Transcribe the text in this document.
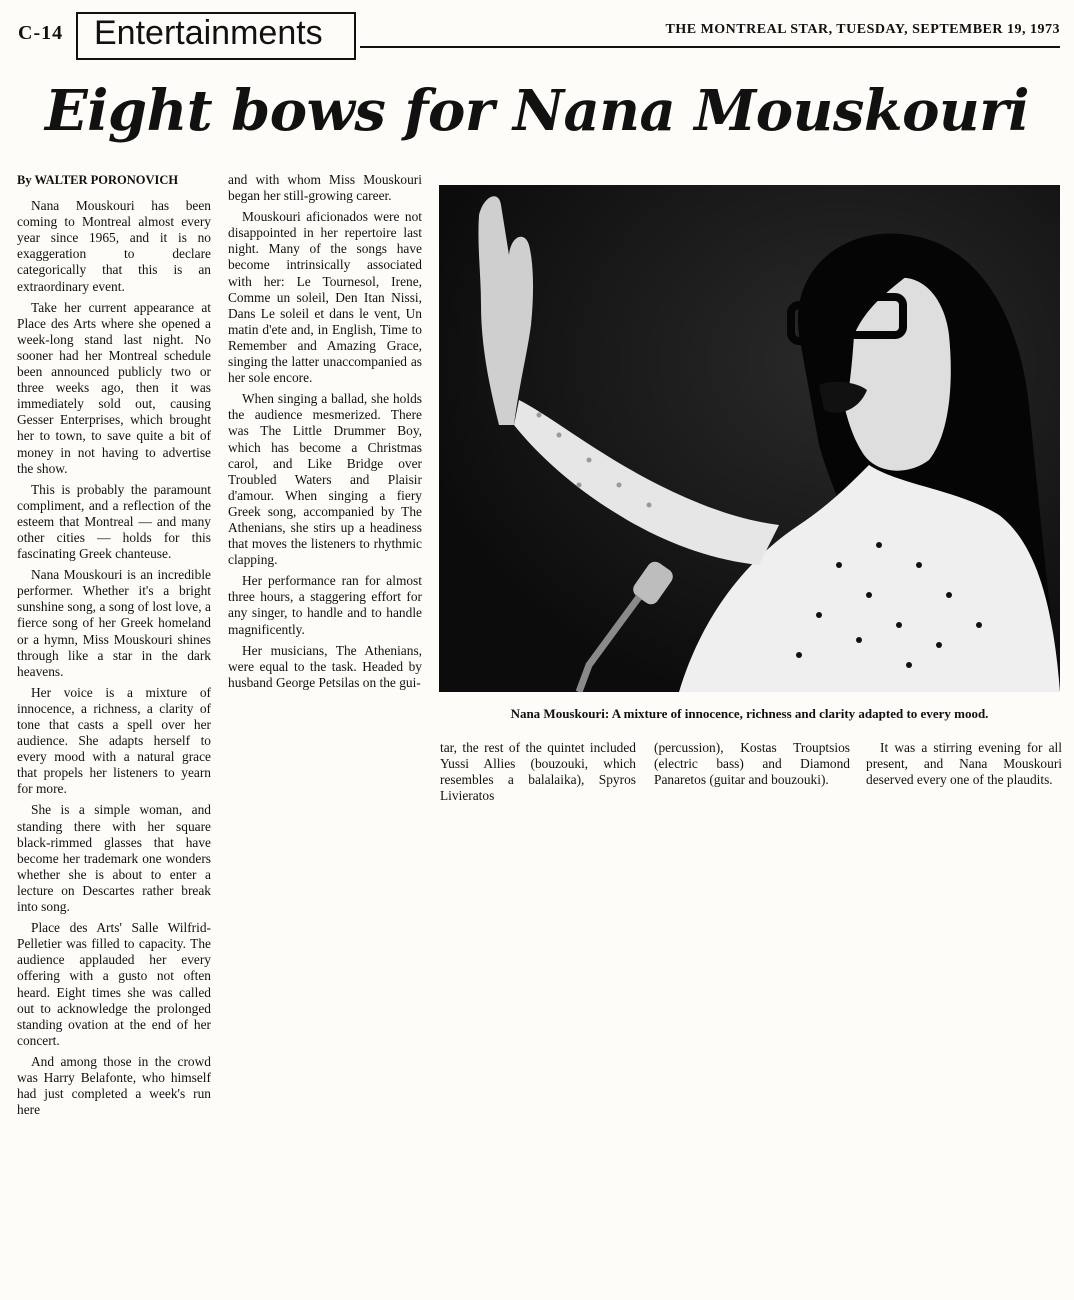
C-14 Entertainments	THE MONTREAL STAR, TUESDAY, SEPTEMBER 19, 1973
Eight bows for Nana Mouskouri

By WALTER PORONOVICH

Nana Mouskouri has been coming to Montreal almost every year since 1965, and it is no exaggeration to declare categorically that this is an extraordinary event.

Take her current appearance at Place des Arts where she opened a week-long stand last night. No sooner had her Montreal schedule been announced publicly two or three weeks ago, then it was immediately sold out, causing Gesser Enterprises, which brought her to town, to save quite a bit of money in not having to advertise the show.

This is probably the paramount compliment, and a reflection of the esteem that Montreal — and many other cities — holds for this fascinating Greek chanteuse.

Nana Mouskouri is an incredible performer. Whether it's a bright sunshine song, a song of lost love, a fierce song of her Greek homeland or a hymn, Miss Mouskouri shines through like a star in the dark heavens.

Her voice is a mixture of innocence, a richness, a clarity of tone that casts a spell over her audience. She adapts herself to every mood with a natural grace that propels her listeners to yearn for more.

She is a simple woman, and standing there with her square black-rimmed glasses that have become her trademark one wonders whether she is about to enter a lecture on Descartes rather break into song.

Place des Arts' Salle Wilfrid-Pelletier was filled to capacity. The audience applauded her every offering with a gusto not often heard. Eight times she was called out to acknowledge the prolonged standing ovation at the end of her concert.

And among those in the crowd was Harry Belafonte, who himself had just completed a week's run here

and with whom Miss Mouskouri began her still-growing career.

Mouskouri aficionados were not disappointed in her repertoire last night. Many of the songs have become intrinsically associated with her: Le Tournesol, Irene, Comme un soleil, Den Itan Nissi, Dans Le soleil et dans le vent, Un matin d'ete and, in English, Time to Remember and Amazing Grace, singing the latter unaccompanied as her sole encore.

When singing a ballad, she holds the audience mesmerized. There was The Little Drummer Boy, which has become a Christmas carol, and Like Bridge over Troubled Waters and Plaisir d'amour. When singing a fiery Greek song, accompanied by The Athenians, she stirs up a headiness that moves the listeners to rhythmic clapping.

Her performance ran for almost three hours, a staggering effort for any singer, to handle and to handle magnificently.

Her musicians, The Athenians, were equal to the task. Headed by husband George Petsilas on the gui-

Nana Mouskouri: A mixture of innocence, richness and clarity adapted to every mood.

tar, the rest of the quintet included Yussi Allies (bouzouki, which resembles a balalaika), Spyros Livieratos

(percussion), Kostas Trouptsios (electric bass) and Diamond Panaretos (guitar and bouzouki).

It was a stirring evening for all present, and Nana Mouskouri deserved every one of the plaudits.
